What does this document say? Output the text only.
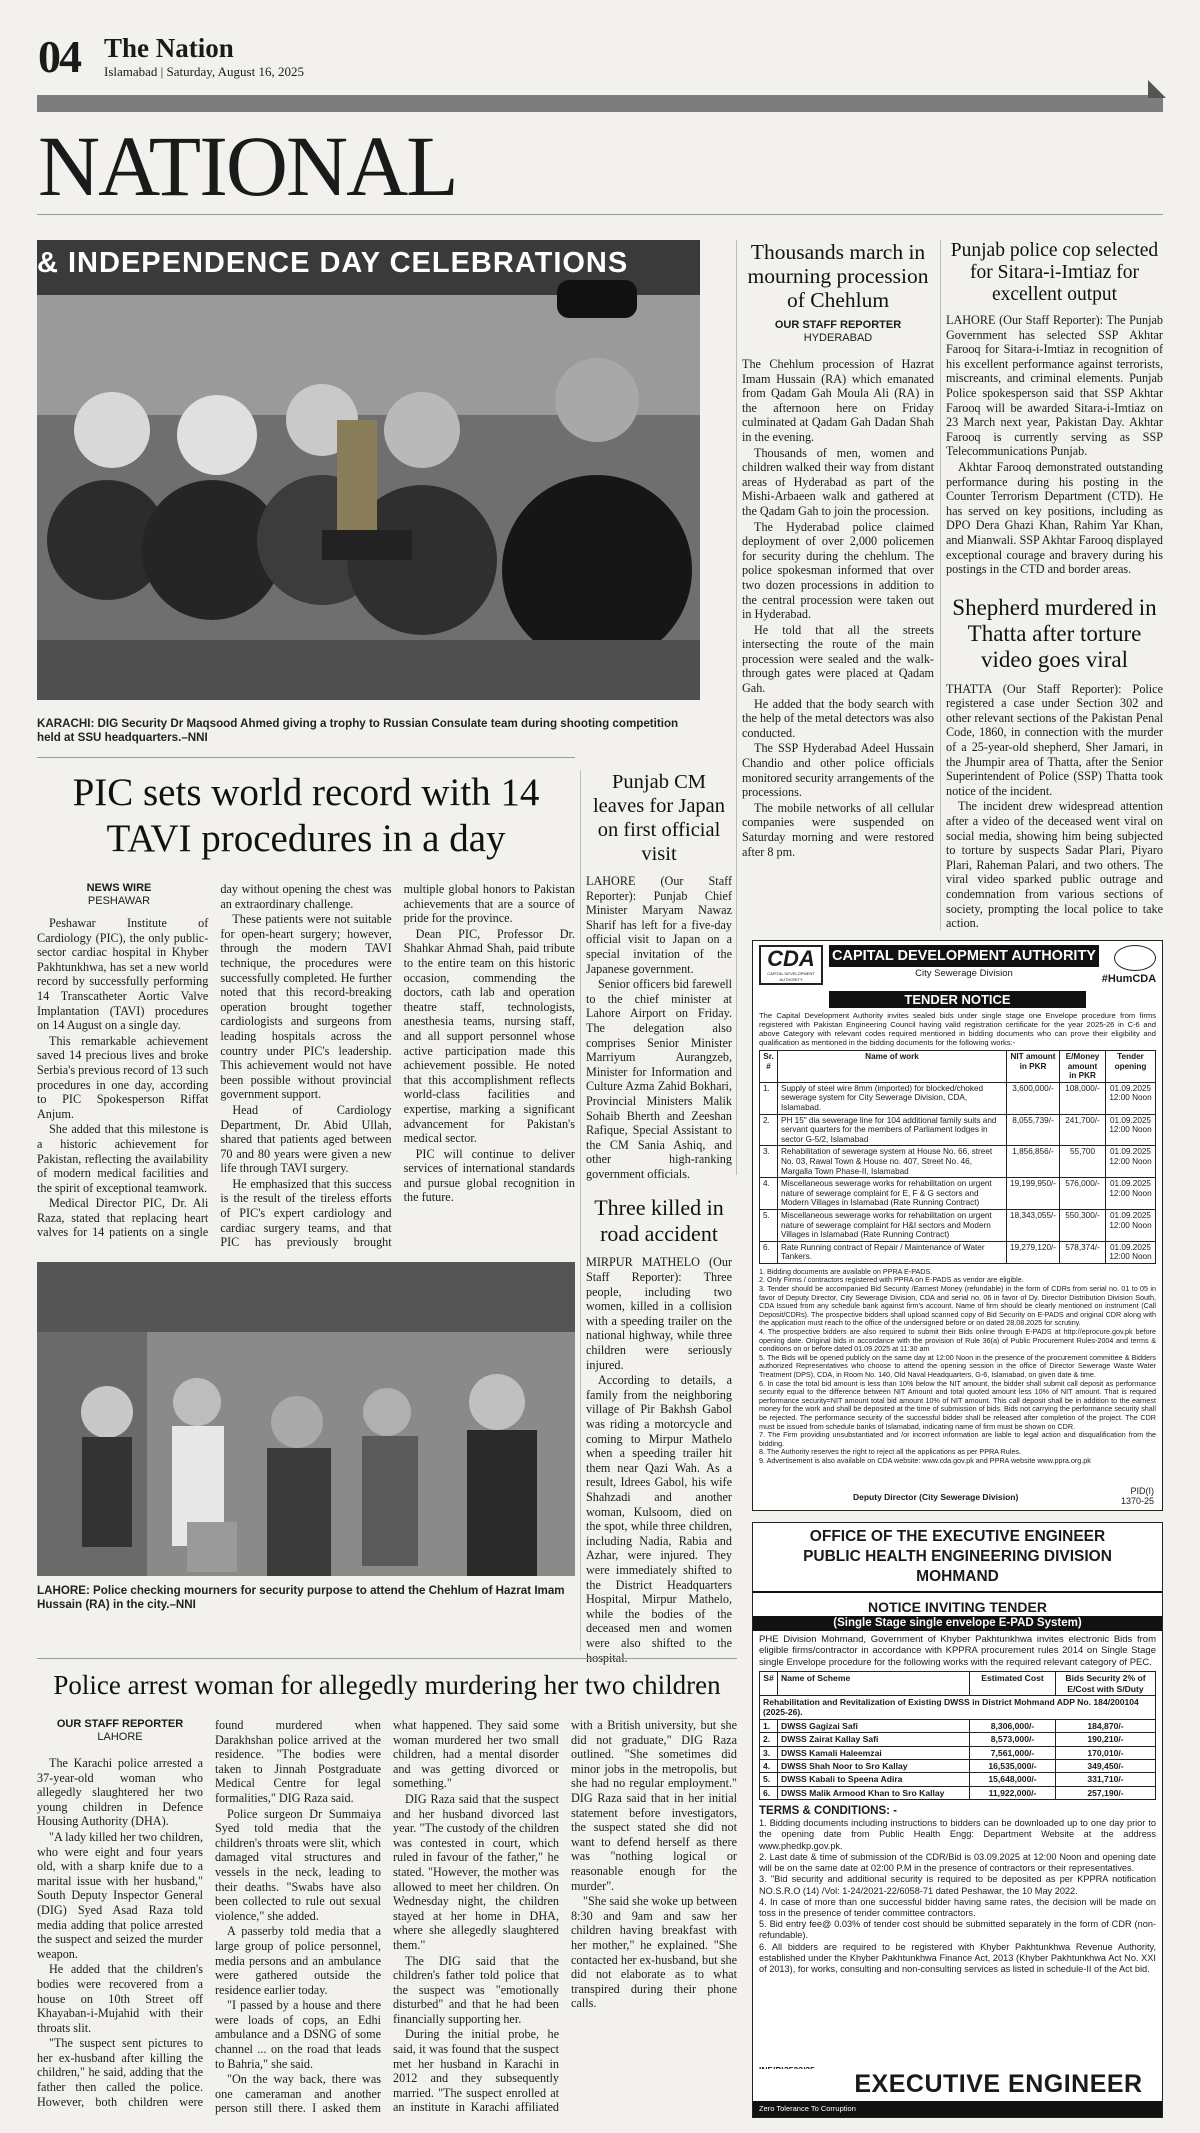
04 The Nation
Islamabad | Saturday, August 16, 2025
NATIONAL
& INDEPENDENCE DAY CELEBRATIONS
KARACHI: DIG Security Dr Maqsood Ahmed giving a trophy to Russian Consulate team during shooting competition held at SSU headquarters.–NNI
Thousands march in mourning procession of Chehlum
OUR STAFF REPORTER
HYDERABAD

The Chehlum procession of Hazrat Imam Hussain (RA) which emanated from Qadam Gah Moula Ali (RA) in the afternoon here on Friday culminated at Qadam Gah Dadan Shah in the evening.

Thousands of men, women and children walked their way from distant areas of Hyderabad as part of the Mishi-Arbaeen walk and gathered at the Qadam Gah to join the procession.

The Hyderabad police claimed deployment of over 2,000 policemen for security during the chehlum. The police spokesman informed that over two dozen processions in addition to the central procession were taken out in Hyderabad.

He told that all the streets intersecting the route of the main procession were sealed and the walk-through gates were placed at Qadam Gah.

He added that the body search with the help of the metal detectors was also conducted.

The SSP Hyderabad Adeel Hussain Chandio and other police officials monitored security arrangements of the processions.

The mobile networks of all cellular companies were suspended on Saturday morning and were restored after 8 pm.

Punjab police cop selected for Sitara-i-Imtiaz for excellent output

LAHORE (Our Staff Reporter): The Punjab Government has selected SSP Akhtar Farooq for Sitara-i-Imtiaz in recognition of his excellent performance against terrorists, miscreants, and criminal elements. Punjab Police spokesperson said that SSP Akhtar Farooq will be awarded Sitara-i-Imtiaz on 23 March next year, Pakistan Day. Akhtar Farooq is currently serving as SSP Telecommunications Punjab.

Akhtar Farooq demonstrated outstanding performance during his posting in the Counter Terrorism Department (CTD). He has served on key positions, including as DPO Dera Ghazi Khan, Rahim Yar Khan, and Mianwali. SSP Akhtar Farooq displayed exceptional courage and bravery during his postings in the CTD and border areas.

Shepherd murdered in Thatta after torture video goes viral

THATTA (Our Staff Reporter): Police registered a case under Section 302 and other relevant sections of the Pakistan Penal Code, 1860, in connection with the murder of a 25-year-old shepherd, Sher Jamari, in the Jhumpir area of Thatta, after the Senior Superintendent of Police (SSP) Thatta took notice of the incident.

The incident drew widespread attention after a video of the deceased went viral on social media, showing him being subjected to torture by suspects Sadar Plari, Piyaro Plari, Raheman Palari, and two others. The viral video sparked public outrage and condemnation from various sections of society, prompting the local police to take action.

PIC sets world record with 14 TAVI procedures in a day
NEWS WIRE
PESHAWAR

Peshawar Institute of Cardiology (PIC), the only public-sector cardiac hospital in Khyber Pakhtunkhwa, has set a new world record by successfully performing 14 Transcatheter Aortic Valve Implantation (TAVI) procedures on 14 August on a single day.

This remarkable achievement saved 14 precious lives and broke Serbia's previous record of 13 such procedures in one day, according to PIC Spokesperson Riffat Anjum.

She added that this milestone is a historic achievement for Pakistan, reflecting the availability of modern medical facilities and the spirit of exceptional teamwork.

Medical Director PIC, Dr. Ali Raza, stated that replacing heart valves for 14 patients on a single day without opening the chest was an extraordinary challenge.

These patients were not suitable for open-heart surgery; however, through the modern TAVI technique, the procedures were successfully completed. He further noted that this record-breaking operation brought together cardiologists and surgeons from leading hospitals across the country under PIC's leadership. This achievement would not have been possible without provincial government support.

Head of Cardiology Department, Dr. Abid Ullah, shared that patients aged between 70 and 80 years were given a new life through TAVI surgery.

He emphasized that this success is the result of the tireless efforts of PIC's expert cardiology and cardiac surgery teams, and that PIC has previously brought multiple global honors to Pakistan achievements that are a source of pride for the province.

Dean PIC, Professor Dr. Shahkar Ahmad Shah, paid tribute to the entire team on this historic occasion, commending the doctors, cath lab and operation theatre staff, technologists, anesthesia teams, nursing staff, and all support personnel whose active participation made this achievement possible. He noted that this accomplishment reflects world-class facilities and expertise, marking a significant advancement for Pakistan's medical sector.

PIC will continue to deliver services of international standards and pursue global recognition in the future.

Punjab CM leaves for Japan on first official visit

LAHORE (Our Staff Reporter): Punjab Chief Minister Maryam Nawaz Sharif has left for a five-day official visit to Japan on a special invitation of the Japanese government.

Senior officers bid farewell to the chief minister at Lahore Airport on Friday. The delegation also comprises Senior Minister Marriyum Aurangzeb, Minister for Information and Culture Azma Zahid Bokhari, Provincial Ministers Malik Sohaib Bherth and Zeeshan Rafique, Special Assistant to the CM Sania Ashiq, and other high-ranking government officials.

Three killed in road accident

MIRPUR MATHELO (Our Staff Reporter): Three people, including two women, killed in a collision with a speeding trailer on the national highway, while three children were seriously injured.

According to details, a family from the neighboring village of Pir Bakhsh Gabol was riding a motorcycle and coming to Mirpur Mathelo when a speeding trailer hit them near Qazi Wah. As a result, Idrees Gabol, his wife Shahzadi and another woman, Kulsoom, died on the spot, while three children, including Nadia, Rabia and Azhar, were injured. They were immediately shifted to the District Headquarters Hospital, Mirpur Mathelo, while the bodies of the deceased men and women were also shifted to the hospital.

LAHORE: Police checking mourners for security purpose to attend the Chehlum of Hazrat Imam Hussain (RA) in the city.–NNI
Police arrest woman for allegedly murdering her two children
OUR STAFF REPORTER
LAHORE

The Karachi police arrested a 37-year-old woman who allegedly slaughtered her two young children in Defence Housing Authority (DHA).

"A lady killed her two children, who were eight and four years old, with a sharp knife due to a marital issue with her husband," South Deputy Inspector General (DIG) Syed Asad Raza told media adding that police arrested the suspect and seized the murder weapon.

He added that the children's bodies were recovered from a house on 10th Street off Khayaban-i-Mujahid with their throats slit.

"The suspect sent pictures to her ex-husband after killing the children," he said, adding that the father then called the police. However, both children were found murdered when Darakhshan police arrived at the residence. "The bodies were taken to Jinnah Postgraduate Medical Centre for legal formalities," DIG Raza said.

Police surgeon Dr Summaiya Syed told media that the children's throats were slit, which damaged vital structures and vessels in the neck, leading to their deaths. "Swabs have also been collected to rule out sexual violence," she added.

A passerby told media that a large group of police personnel, media persons and an ambulance were gathered outside the residence earlier today.

"I passed by a house and there were loads of cops, an Edhi ambulance and a DSNG of some channel ... on the road that leads to Bahria," she said.

"On the way back, there was one cameraman and another person still there. I asked them what happened. They said some woman murdered her two small children, had a mental disorder and was getting divorced or something."

DIG Raza said that the suspect and her husband divorced last year. "The custody of the children was contested in court, which ruled in favour of the father," he stated. "However, the mother was allowed to meet her children. On Wednesday night, the children stayed at her home in DHA, where she allegedly slaughtered them."

The DIG said that the children's father told police that the suspect was "emotionally disturbed" and that he had been financially supporting her.

During the initial probe, he said, it was found that the suspect met her husband in Karachi in 2012 and they subsequently married. "The suspect enrolled at an institute in Karachi affiliated with a British university, but she did not graduate," DIG Raza outlined. "She sometimes did minor jobs in the metropolis, but she had no regular employment." DIG Raza said that in her initial statement before investigators, the suspect stated she did not want to defend herself as there was "nothing logical or reasonable enough for the murder".

"She said she woke up between 8:30 and 9am and saw her children having breakfast with her mother," he explained. "She contacted her ex-husband, but she did not elaborate as to what transpired during their phone calls.

CDA
CAPITAL DEVELOPMENT AUTHORITY
CAPITAL DEVELOPMENT AUTHORITY
City Sewerage Division	#HumCDA
TENDER NOTICE
The Capital Development Authority invites sealed bids under single stage one Envelope procedure from firms registered with Pakistan Engineering Council having valid registration certificate for the year 2025-26 in C-6 and above Category with relevant codes required mentioned in bidding documents who can prove their eligibility and qualification as mentioned in the bidding documents for the following works:-
Sr. #	Name of work	NIT amount in PKR	E/Money amount in PKR	Tender opening
1.	Supply of steel wire 8mm (imported) for blocked/choked sewerage system for City Sewerage Division, CDA, Islamabad.	3,600,000/-	108,000/-	01.09.2025 12:00 Noon
2.	PH 15" dia sewerage line for 104 additional family suits and servant quarters for the members of Parliament lodges in sector G-5/2, Islamabad	8,055,739/-	241,700/-	01.09.2025 12:00 Noon
3.	Rehabilitation of sewerage system at House No. 66, street No. 03, Rawal Town & House no. 407, Street No. 46, Margalla Town Phase-II, Islamabad	1,856,856/-	55,700	01.09.2025 12:00 Noon
4.	Miscellaneous sewerage works for rehabilitation on urgent nature of sewerage complaint for E, F & G sectors and Modern Villages in Islamabad (Rate Running Contract)	19,199,950/-	576,000/-	01.09.2025 12:00 Noon
5.	Miscellaneous sewerage works for rehabilitation on urgent nature of sewerage complaint for H&I sectors and Modern Villages in Islamabad (Rate Running Contract)	18,343,055/-	550,300/-	01.09.2025 12:00 Noon
6.	Rate Running contract of Repair / Maintenance of Water Tankers.	19,279,120/-	578,374/-	01.09.2025 12:00 Noon
1. Bidding documents are available on PPRA E-PADS.
2. Only Firms / contractors registered with PPRA on E-PADS as vendor are eligible.
3. Tender should be accompanied Bid Security /Earnest Money (refundable) in the form of CDRs from serial no. 01 to 05 in favor of Deputy Director, City Sewerage Division, CDA and serial no. 06 in favor of Dy. Director Distribution Division South, CDA Issued from any schedule bank against firm's account. Name of firm should be clearly mentioned on instrument (Call Deposit/CDRs). The prospective bidders shall upload scanned copy of Bid Security on E-PADS and original CDR along with the application must reach to the office of the undersigned before or on dated 28.08.2025 for scrutiny.
4. The prospective bidders are also required to submit their Bids online through E-PADS at http://eprocure.gov.pk before opening date. Original bids in accordance with the provision of Rule 36(a) of Public Procurement Rules-2004 and terms & conditions on or before dated 01.09.2025 at 11:30 am
5. The Bids will be opened publicly on the same day at 12:00 Noon in the presence of the procurement committee & Bidders authorized Representatives who choose to attend the opening session in the office of Director Sewerage Waste Water Treatment (DPS), CDA, in Room No. 140, Old Naval Headquarters, G-6, Islamabad, on given date & time.
6. In case the total bid amount is less than 10% below the NIT amount, the bidder shall submit call deposit as performance security equal to the difference between NIT Amount and total quoted amount less 10% of NIT amount. That is required performance security=NIT amount total bid amount 10% of NIT amount. This call deposit shall be in addition to the earnest money for the work and shall be deposited at the time of submission of bids. Bids not carrying the performance security shall be rejected. The performance security of the successful bidder shall be released after completion of the project. The CDR must be issued from schedule banks of Islamabad, indicating name of firm must be shown on CDR.
7. The Firm providing unsubstantiated and /or incorrect information are liable to legal action and disqualification from the bidding.
8. The Authority reserves the right to reject all the applications as per PPRA Rules.
9. Advertisement is also available on CDA website: www.cda.gov.pk and PPRA website www.ppra.org.pk
PID(I) 1370-25
Deputy Director (City Sewerage Division)
OFFICE OF THE EXECUTIVE ENGINEER
PUBLIC HEALTH ENGINEERING DIVISION
MOHMAND
NOTICE INVITING TENDER
(Single Stage single envelope E-PAD System)
PHE Division Mohmand, Government of Khyber Pakhtunkhwa invites electronic Bids from eligible firms/contractor in accordance with KPPRA procurement rules 2014 on Single Stage single Envelope procedure for the following works with the required relevant category of PEC.
S#	Name of Scheme	Estimated Cost	Bids Security 2% of E/Cost with S/Duty
Rehabilitation and Revitalization of Existing DWSS in District Mohmand ADP No. 184/200104 (2025-26).			
1.	DWSS Gagizai Safi	8,306,000/-	184,870/-
2.	DWSS Zairat Kallay Safi	8,573,000/-	190,210/-
3.	DWSS Kamali Haleemzai	7,561,000/-	170,010/-
4.	DWSS Shah Noor to Sro Kallay	16,535,000/-	349,450/-
5.	DWSS Kabali to Speena Adira	15,648,000/-	331,710/-
6.	DWSS Malik Armood Khan to Sro Kallay	11,922,000/-	257,190/-
TERMS & CONDITIONS: -
1. Bidding documents including instructions to bidders can be downloaded up to one day prior to the opening date from Public Health Engg: Department Website at the address www.phedkp.gov.pk.
2. Last date & time of submission of the CDR/Bid is 03.09.2025 at 12:00 Noon and opening date will be on the same date at 02:00 P.M in the presence of contractors or their representatives.
3. "Bid security and additional security is required to be deposited as per KPPRA notification NO.S.R.O (14) /Vol: 1-24/2021-22/6058-71 dated Peshawar, the 10 May 2022.
4. In case of more than one successful bidder having same rates, the decision will be made on toss in the presence of tender committee contractors.
5. Bid entry fee@ 0.03% of tender cost should be submitted separately in the form of CDR (non-refundable).
6. All bidders are required to be registered with Khyber Pakhtunkhwa Revenue Authority, established under the Khyber Pakhtunkhwa Finance Act, 2013 (Khyber Pakhtunkhwa Act No. XXI of 2013), for works, consulting and non-consulting services as listed in schedule-II of the Act bid.
EXECUTIVE ENGINEER
Zero Tolerance To Corruption
